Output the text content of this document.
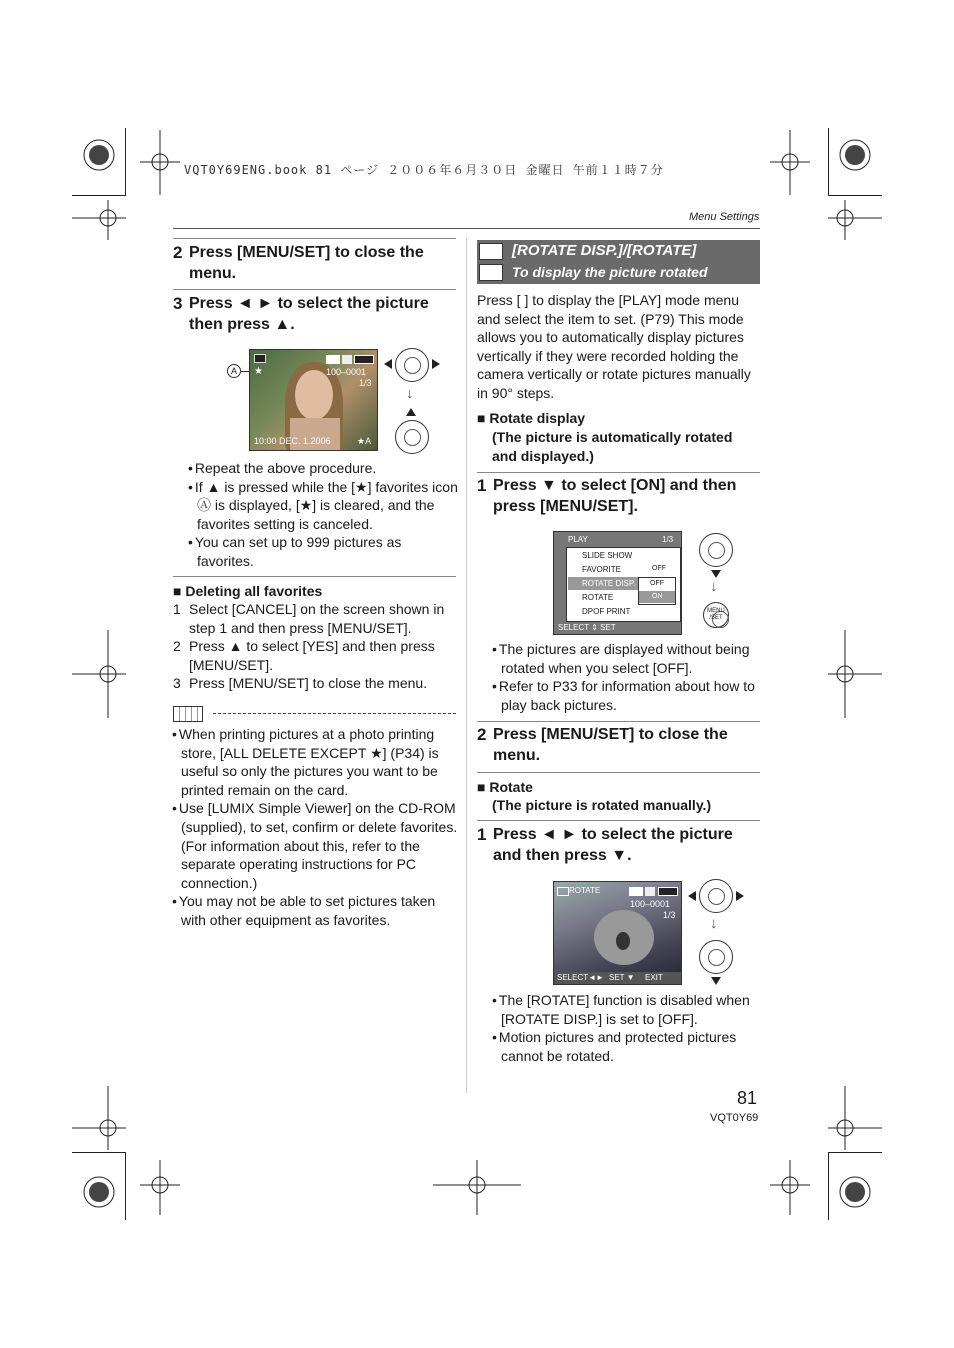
VQT0Y69ENG.book 81 ページ ２００６年６月３０日 金曜日 午前１１時７分
Menu Settings
2 Press [MENU/SET] to close the menu.
3 Press ◄ ► to select the picture then press ▲.
A	★	100–0001
1/3
10:00 DEC. 1.2006	★A
↓
• Repeat the above procedure.
• If ▲ is pressed while the [★] favorites icon Ⓐ is displayed, [★] is cleared, and the favorites setting is canceled.
• You can set up to 999 pictures as favorites.
■ Deleting all favorites
1 Select [CANCEL] on the screen shown in step 1 and then press [MENU/SET].
2 Press ▲ to select [YES] and then press [MENU/SET].
3 Press [MENU/SET] to close the menu.
• When printing pictures at a photo printing store, [ALL DELETE EXCEPT ★] (P34) is useful so only the pictures you want to be printed remain on the card.
• Use [LUMIX Simple Viewer] on the CD-ROM (supplied), to set, confirm or delete favorites. (For information about this, refer to the separate operating instructions for PC connection.)
• You may not be able to set pictures taken with other equipment as favorites.
[ROTATE DISP.]/[ROTATE]
To display the picture rotated
Press [ ] to display the [PLAY] mode menu and select the item to set. (P79) This mode allows you to automatically display pictures vertically if they were recorded holding the camera vertically or rotate pictures manually in 90° steps.
■ Rotate display
(The picture is automatically rotated and displayed.)
1 Press ▼ to select [ON] and then press [MENU/SET].
PLAY	1/3
SLIDE SHOW
FAVORITE
ROTATE DISP.
ROTATE
DPOF PRINT
OFF
OFF
ON
SELECT ⇕ SET
↓
MENU /SET
• The pictures are displayed without being rotated when you select [OFF].
• Refer to P33 for information about how to play back pictures.
2 Press [MENU/SET] to close the menu.
■ Rotate
(The picture is rotated manually.)
1 Press ◄ ► to select the picture and then press ▼.
ROTATE
100–0001
1/3
SELECT◄► SET ▼ EXIT
↓
• The [ROTATE] function is disabled when [ROTATE DISP.] is set to [OFF].
• Motion pictures and protected pictures cannot be rotated.
81
VQT0Y69
